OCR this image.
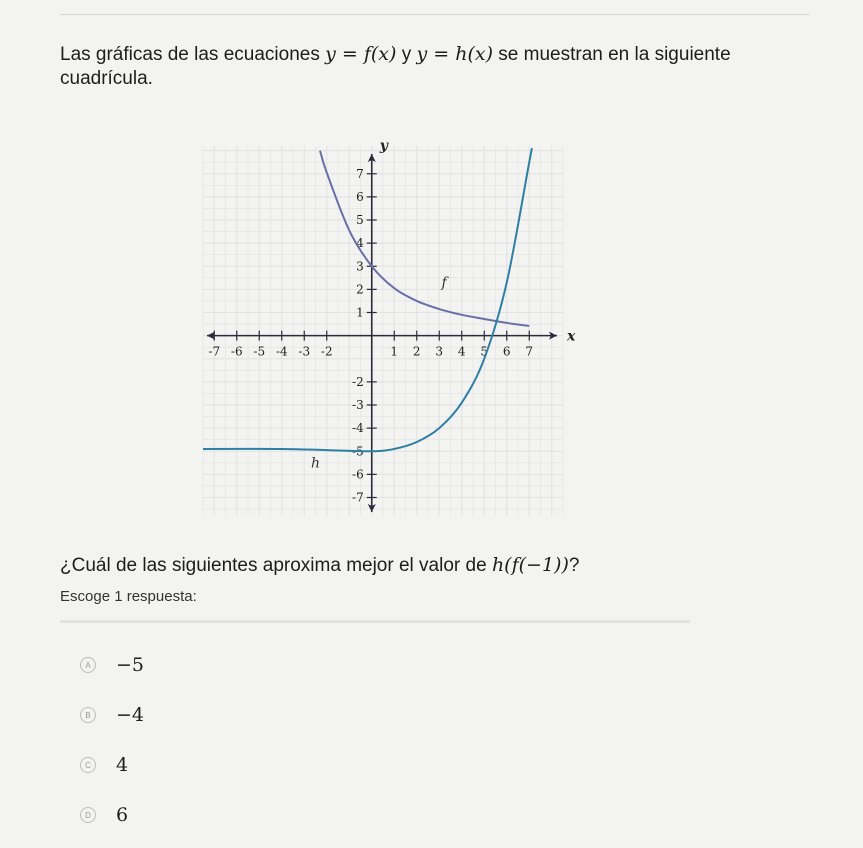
Las gráficas de las ecuaciones y = f(x) y y = h(x) se muestran en la siguiente cuadrícula.
-7 -6 -5 -4 -3 -2	1 2 3 4 5 6 7
7
6
5
4
3
2
1
-2
-3
-4
-5
-6
-7
x
y
f
h
¿Cuál de las siguientes aproxima mejor el valor de h(f(−1))?
Escoge 1 respuesta:
A −5
B −4
C 4
D 6
